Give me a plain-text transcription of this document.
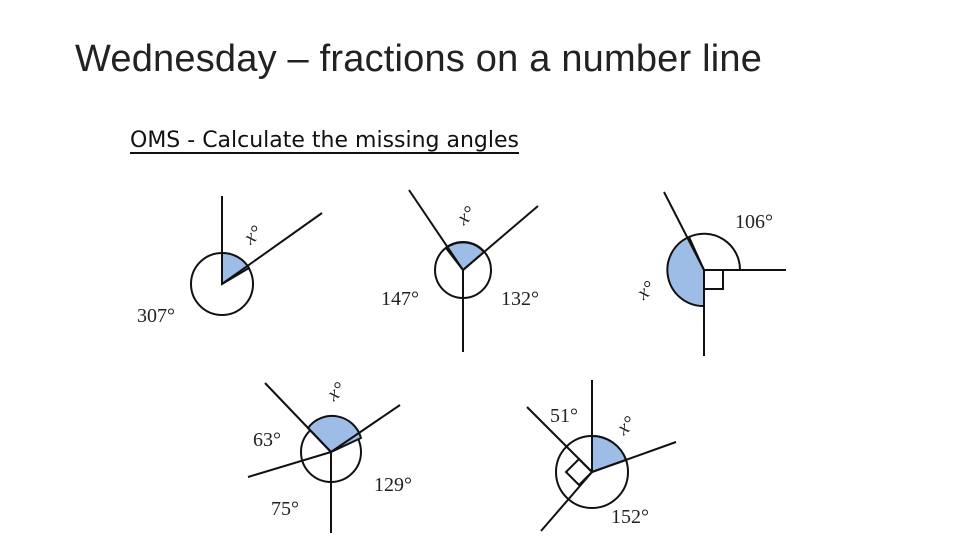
Wednesday – fractions on a number line
OMS - Calculate the missing angles
x°
307°
x°
147°	132°
106°
x°
x°
63°
129°
75°
51° x°
152°
